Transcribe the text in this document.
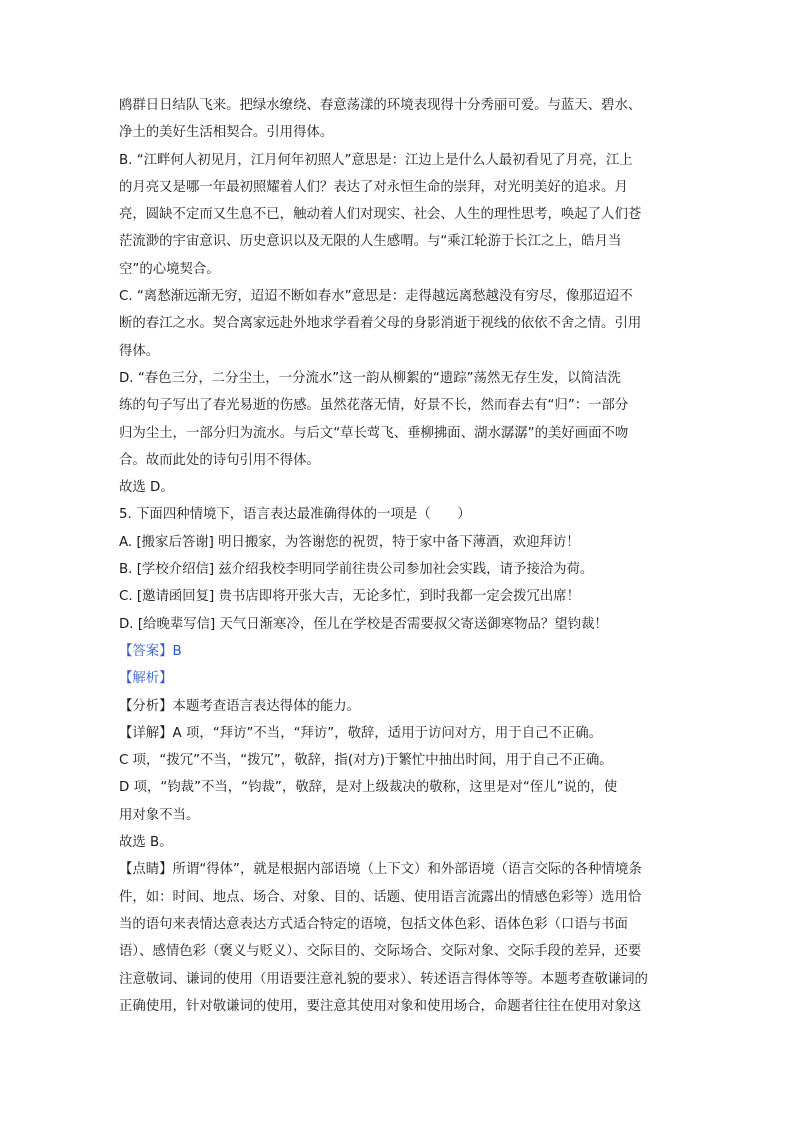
鸥群日日结队飞来。把绿水缭绕、春意荡漾的环境表现得十分秀丽可爱。与蓝天、碧水、

净土的美好生活相契合。引用得体。

B. “江畔何人初见月，江月何年初照人”意思是：江边上是什么人最初看见了月亮，江上

的月亮又是哪一年最初照耀着人们？表达了对永恒生命的崇拜，对光明美好的追求。月

亮，圆缺不定而又生息不已，触动着人们对现实、社会、人生的理性思考，唤起了人们苍

茫流渺的宇宙意识、历史意识以及无限的人生感喟。与“乘江轮游于长江之上，皓月当

空”的心境契合。

C. “离愁渐远渐无穷，迢迢不断如春水”意思是：走得越远离愁越没有穷尽，像那迢迢不

断的春江之水。契合离家远赴外地求学看着父母的身影消逝于视线的依依不舍之情。引用

得体。

D. “春色三分，二分尘土，一分流水”这一韵从柳絮的“遗踪”荡然无存生发，以简洁洗

练的句子写出了春光易逝的伤感。虽然花落无情，好景不长，然而春去有“归”：一部分

归为尘土，一部分归为流水。与后文“草长莺飞、垂柳拂面、湖水潺潺”的美好画面不吻

合。故而此处的诗句引用不得体。

故选 D。

5. 下面四种情境下，语言表达最准确得体的一项是（　　）

A. [搬家后答谢] 明日搬家，为答谢您的祝贺，特于家中备下薄酒，欢迎拜访！

B. [学校介绍信] 兹介绍我校李明同学前往贵公司参加社会实践，请予接洽为荷。

C. [邀请函回复] 贵书店即将开张大吉，无论多忙，到时我都一定会拨冗出席！

D. [给晚辈写信] 天气日渐寒冷，侄儿在学校是否需要叔父寄送御寒物品？望钧裁！

【答案】B

【解析】

【分析】本题考查语言表达得体的能力。

【详解】A 项，“拜访”不当，“拜访”，敬辞，适用于访问对方，用于自己不正确。

C 项，“拨冗”不当，“拨冗”，敬辞，指(对方)于繁忙中抽出时间，用于自己不正确。

D 项，“钧裁”不当，“钧裁”，敬辞，是对上级裁决的敬称，这里是对“侄儿”说的，使

用对象不当。

故选 B。

【点睛】所谓“得体”，就是根据内部语境（上下文）和外部语境（语言交际的各种情境条

件，如：时间、地点、场合、对象、目的、话题、使用语言流露出的情感色彩等）选用恰

当的语句来表情达意表达方式适合特定的语境，包括文体色彩、语体色彩（口语与书面

语）、感情色彩（褒义与贬义）、交际目的、交际场合、交际对象、交际手段的差异，还要

注意敬词、谦词的使用（用语要注意礼貌的要求）、转述语言得体等等。本题考查敬谦词的

正确使用，针对敬谦词的使用，要注意其使用对象和使用场合，命题者往往在使用对象这
